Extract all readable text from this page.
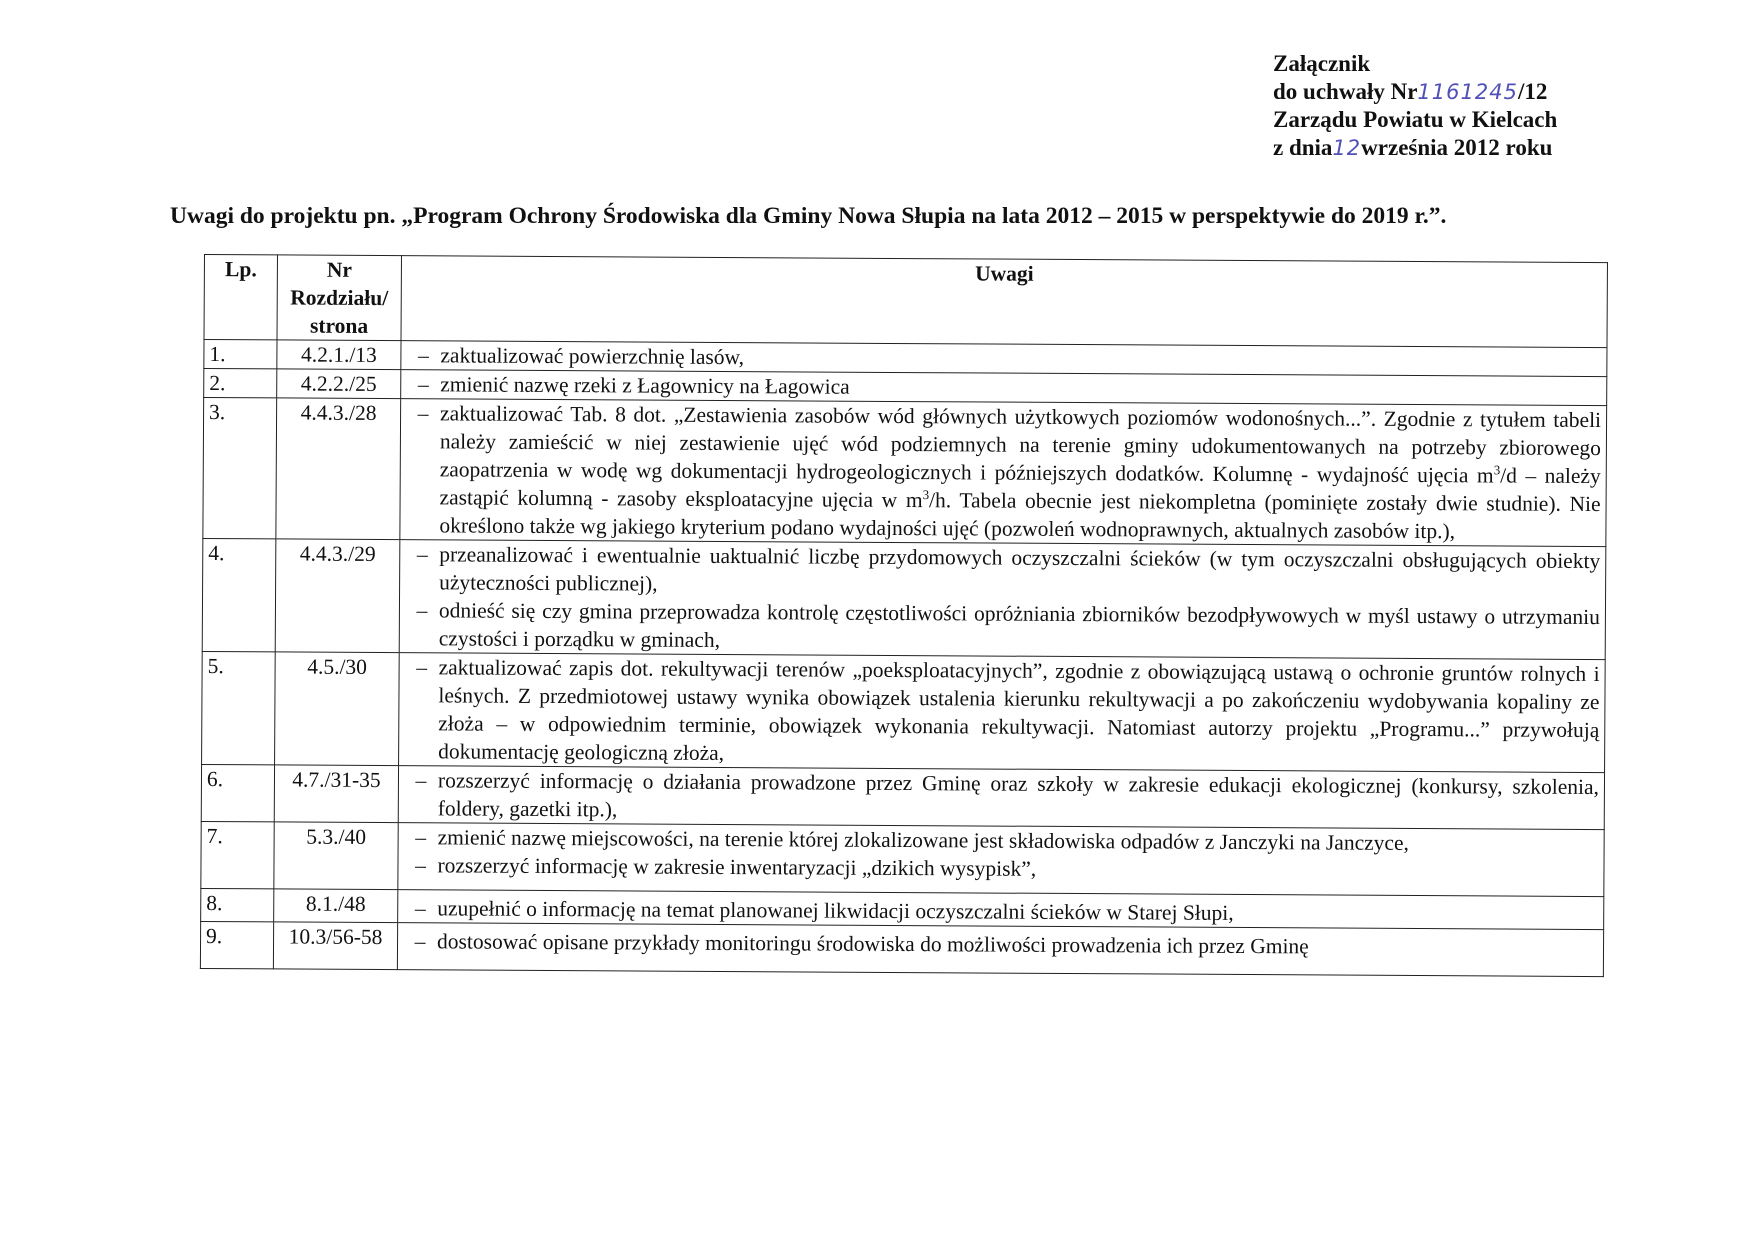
Załącznik
do uchwały Nr1161245/12
Zarządu Powiatu w Kielcach
z dnia12września 2012 roku
Uwagi do projektu pn. „Program Ochrony Środowiska dla Gminy Nowa Słupia na lata 2012 – 2015 w perspektywie do 2019 r.”.
Lp.	Nr
Rozdziału/
strona	Uwagi
1.	4.2.1./13	– zaktualizować powierzchnię lasów,

2.	4.2.2./25	– zmienić nazwę rzeki z Łagownicy na Łagowica

3.	4.4.3./28	– zaktualizować Tab. 8 dot. „Zestawienia zasobów wód głównych użytkowych poziomów wodonośnych...”. Zgodnie z tytułem tabeli należy zamieścić w niej zestawienie ujęć wód podziemnych na terenie gminy udokumentowanych na potrzeby zbiorowego zaopatrzenia w wodę wg dokumentacji hydrogeologicznych i późniejszych dodatków. Kolumnę - wydajność ujęcia $m^3/d$ – należy zastąpić kolumną - zasoby eksploatacyjne ujęcia w $m^3/h$. Tabela obecnie jest niekompletna (pominięte zostały dwie studnie). Nie określono także wg jakiego kryterium podano wydajności ujęć (pozwoleń wodnoprawnych, aktualnych zasobów itp.),

4.	4.4.3./29	– przeanalizować i ewentualnie uaktualnić liczbę przydomowych oczyszczalni ścieków (w tym oczyszczalni obsługujących obiekty użyteczności publicznej),
– odnieść się czy gmina przeprowadza kontrolę częstotliwości opróżniania zbiorników bezodpływowych w myśl ustawy o utrzymaniu czystości i porządku w gminach,

5.	4.5./30	– zaktualizować zapis dot. rekultywacji terenów „poeksploatacyjnych”, zgodnie z obowiązującą ustawą o ochronie gruntów rolnych i leśnych. Z przedmiotowej ustawy wynika obowiązek ustalenia kierunku rekultywacji a po zakończeniu wydobywania kopaliny ze złoża – w odpowiednim terminie, obowiązek wykonania rekultywacji. Natomiast autorzy projektu „Programu...” przywołują dokumentację geologiczną złoża,

6.	4.7./31-35	– rozszerzyć informację o działania prowadzone przez Gminę oraz szkoły w zakresie edukacji ekologicznej (konkursy, szkolenia, foldery, gazetki itp.),

7.	5.3./40	– zmienić nazwę miejscowości, na terenie której zlokalizowane jest składowiska odpadów z Janczyki na Janczyce,
– rozszerzyć informację w zakresie inwentaryzacji „dzikich wysypisk”,

8.	8.1./48	– uzupełnić o informację na temat planowanej likwidacji oczyszczalni ścieków w Starej Słupi,

9.	10.3/56-58	– dostosować opisane przykłady monitoringu środowiska do możliwości prowadzenia ich przez Gminę
